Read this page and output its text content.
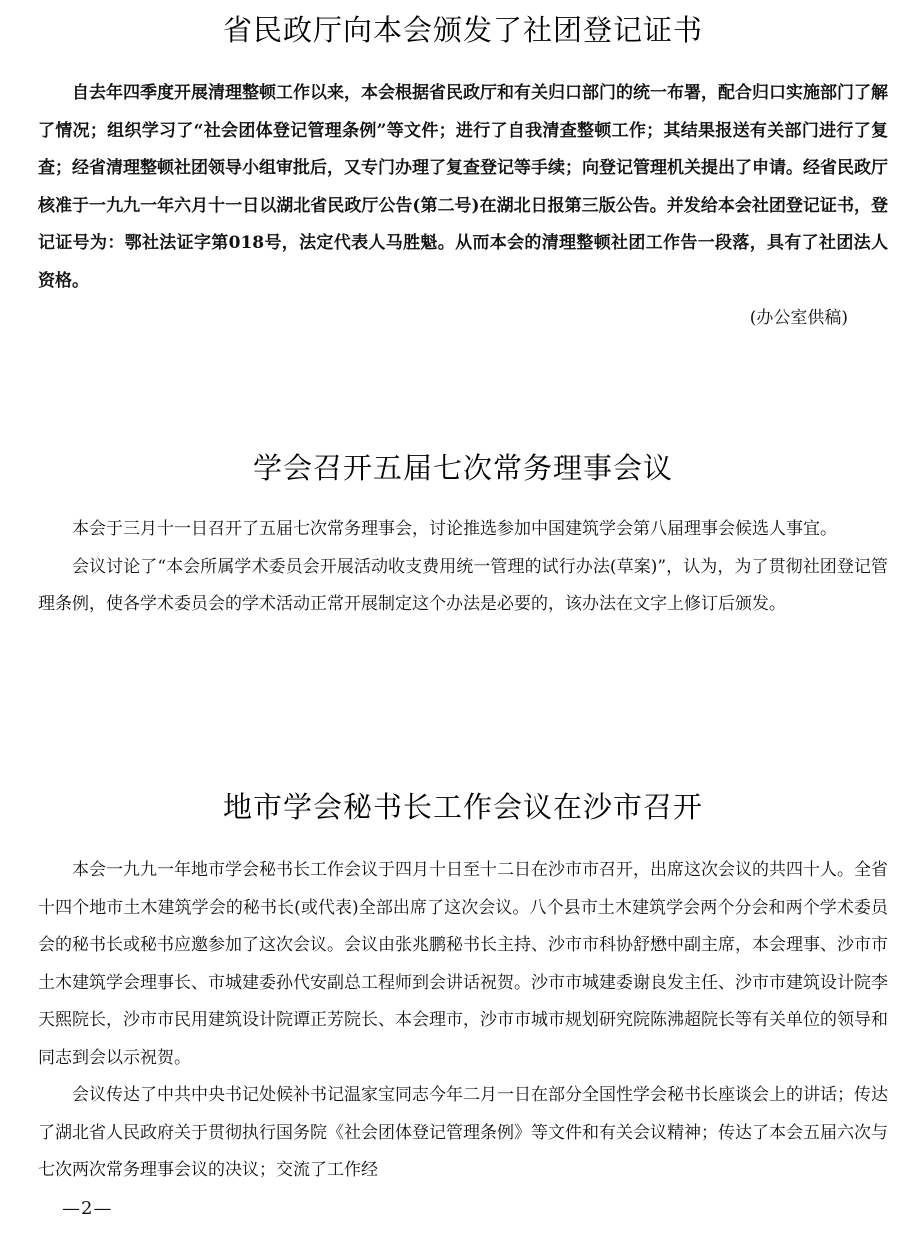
省民政厅向本会颁发了社团登记证书

自去年四季度开展清理整顿工作以来，本会根据省民政厅和有关归口部门的统一布署，配合归口实施部门了解了情况；组织学习了“社会团体登记管理条例”等文件；进行了自我清查整顿工作；其结果报送有关部门进行了复查；经省清理整顿社团领导小组审批后，又专门办理了复查登记等手续；向登记管理机关提出了申请。经省民政厅核准于一九九一年六月十一日以湖北省民政厅公告(第二号)在湖北日报第三版公告。并发给本会社团登记证书，登记证号为：鄂社法证字第018号，法定代表人马胜魁。从而本会的清理整顿社团工作告一段落，具有了社团法人资格。

(办公室供稿)

学会召开五届七次常务理事会议

本会于三月十一日召开了五届七次常务理事会，讨论推选参加中国建筑学会第八届理事会候选人事宜。

会议讨论了“本会所属学术委员会开展活动收支费用统一管理的试行办法(草案)”，认为，为了贯彻社团登记管理条例，使各学术委员会的学术活动正常开展制定这个办法是必要的，该办法在文字上修订后颁发。

地市学会秘书长工作会议在沙市召开

本会一九九一年地市学会秘书长工作会议于四月十日至十二日在沙市市召开，出席这次会议的共四十人。全省十四个地市土木建筑学会的秘书长(或代表)全部出席了这次会议。八个县市土木建筑学会两个分会和两个学术委员会的秘书长或秘书应邀参加了这次会议。会议由张兆鹏秘书长主持、沙市市科协舒懋中副主席，本会理事、沙市市土木建筑学会理事长、市城建委孙代安副总工程师到会讲话祝贺。沙市市城建委谢良发主任、沙市市建筑设计院李天熙院长，沙市市民用建筑设计院谭正芳院长、本会理市，沙市市城市规划研究院陈沸超院长等有关单位的领导和同志到会以示祝贺。

会议传达了中共中央书记处候补书记温家宝同志今年二月一日在部分全国性学会秘书长座谈会上的讲话；传达了湖北省人民政府关于贯彻执行国务院《社会团体登记管理条例》等文件和有关会议精神；传达了本会五届六次与七次两次常务理事会议的决议；交流了工作经

—2—
